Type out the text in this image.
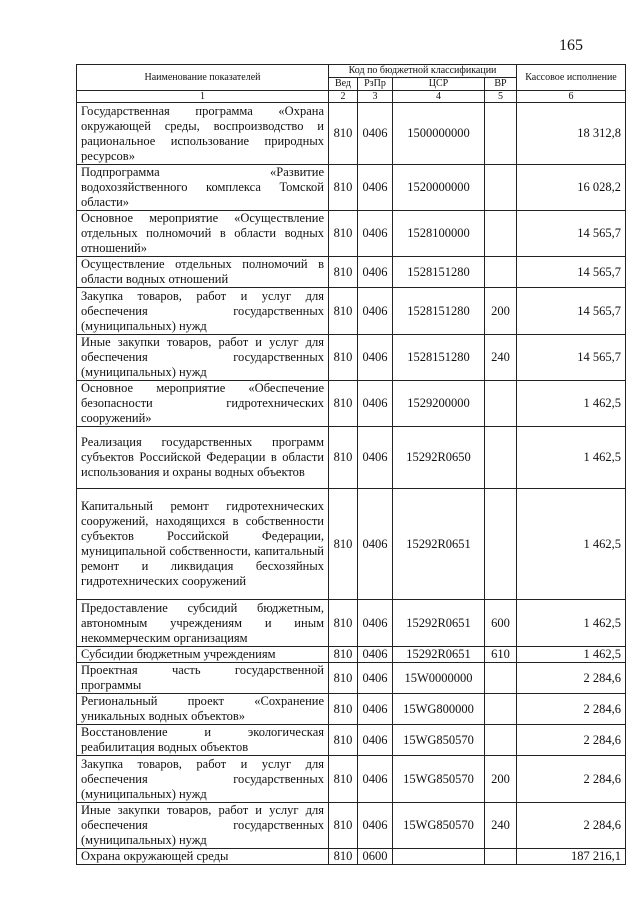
165
Наименование показателей	Код по бюджетной классификации				Кассовое исполнение
	Вед	РзПр	ЦСР	ВР	
1	2	3	4	5	6
Государственная программа «Охрана окружающей среды, воспроизводство и рациональное использование природных ресурсов»	810	0406	1500000000		18 312,8
Подпрограмма «Развитие водохозяйственного комплекса Томской области»	810	0406	1520000000		16 028,2
Основное мероприятие «Осуществление отдельных полномочий в области водных отношений»	810	0406	1528100000		14 565,7
Осуществление отдельных полномочий в области водных отношений	810	0406	1528151280		14 565,7
Закупка товаров, работ и услуг для обеспечения государственных (муниципальных) нужд	810	0406	1528151280	200	14 565,7
Иные закупки товаров, работ и услуг для обеспечения государственных (муниципальных) нужд	810	0406	1528151280	240	14 565,7
Основное мероприятие «Обеспечение безопасности гидротехнических сооружений»	810	0406	1529200000		1 462,5
Реализация государственных программ субъектов Российской Федерации в области использования и охраны водных объектов	810	0406	15292R0650		1 462,5
Капитальный ремонт гидротехнических сооружений, находящихся в собственности субъектов Российской Федерации, муниципальной собственности, капитальный ремонт и ликвидация бесхозяйных гидротехнических сооружений	810	0406	15292R0651		1 462,5
Предоставление субсидий бюджетным, автономным учреждениям и иным некоммерческим организациям	810	0406	15292R0651	600	1 462,5
Субсидии бюджетным учреждениям	810	0406	15292R0651	610	1 462,5
Проектная часть государственной программы	810	0406	15W0000000		2 284,6
Региональный проект «Сохранение уникальных водных объектов»	810	0406	15WG800000		2 284,6
Восстановление и экологическая реабилитация водных объектов	810	0406	15WG850570		2 284,6
Закупка товаров, работ и услуг для обеспечения государственных (муниципальных) нужд	810	0406	15WG850570	200	2 284,6
Иные закупки товаров, работ и услуг для обеспечения государственных (муниципальных) нужд	810	0406	15WG850570	240	2 284,6
Охрана окружающей среды	810	0600			187 216,1
